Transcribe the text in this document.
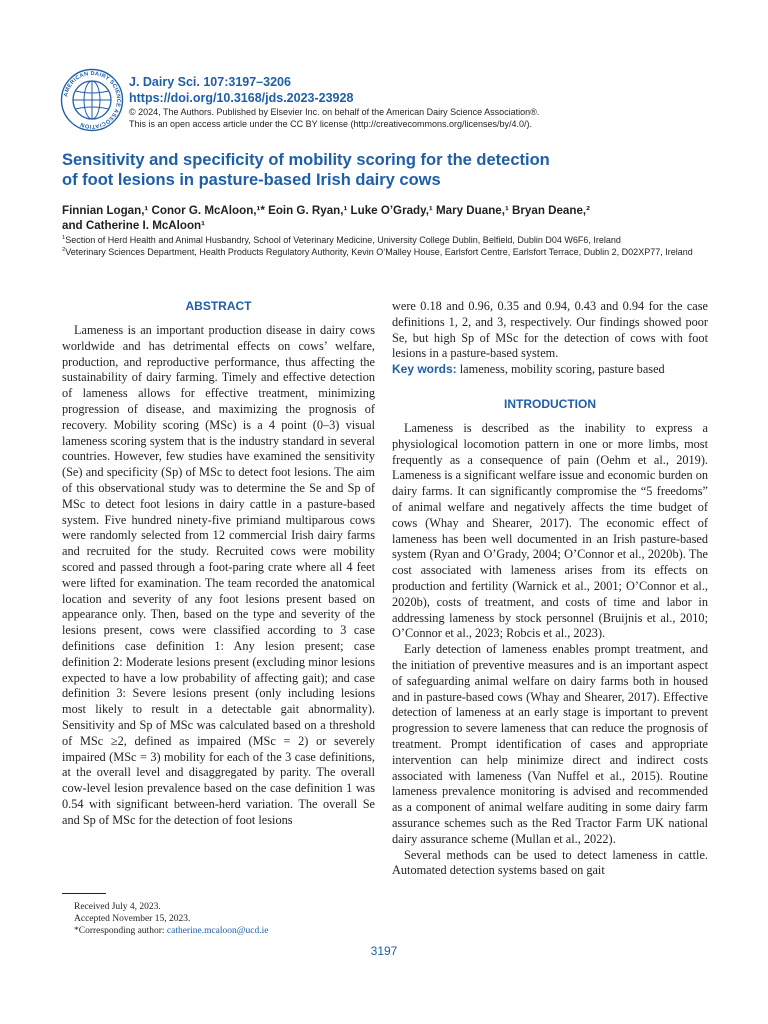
AMERICAN DAIRY SCIENCE ASSOCIATION
J. Dairy Sci. 107:3197–3206
https://doi.org/10.3168/jds.2023-23928
© 2024, The Authors. Published by Elsevier Inc. on behalf of the American Dairy Science Association®.
This is an open access article under the CC BY license (http://creativecommons.org/licenses/by/4.0/).
Sensitivity and specificity of mobility scoring for the detection
of foot lesions in pasture-based Irish dairy cows
Finnian Logan,¹ Conor G. McAloon,¹* Eoin G. Ryan,¹ Luke O’Grady,¹ Mary Duane,¹ Bryan Deane,²
and Catherine I. McAloon¹
$^1$Section of Herd Health and Animal Husbandry, School of Veterinary Medicine, University College Dublin, Belfield, Dublin D04 W6F6, Ireland
$^2$Veterinary Sciences Department, Health Products Regulatory Authority, Kevin O’Malley House, Earlsfort Centre, Earlsfort Terrace, Dublin 2, D02XP77, Ireland
ABSTRACT

Lameness is an important production disease in dairy cows worldwide and has detrimental effects on cows’ welfare, production, and reproductive performance, thus affecting the sustainability of dairy farming. Timely and effective detection of lameness allows for effective treatment, minimizing progression of disease, and maximizing the prognosis of recovery. Mobility scoring (MSc) is a 4 point (0–3) visual lameness scoring system that is the industry standard in several countries. However, few studies have examined the sensitivity (Se) and specificity (Sp) of MSc to detect foot lesions. The aim of this observational study was to determine the Se and Sp of MSc to detect foot lesions in dairy cattle in a pasture-based system. Five hundred ninety-five primiand multiparous cows were randomly selected from 12 commercial Irish dairy farms and recruited for the study. Recruited cows were mobility scored and passed through a foot-paring crate where all 4 feet were lifted for examination. The team recorded the anatomical location and severity of any foot lesions present based on appearance only. Then, based on the type and severity of the lesions present, cows were classified according to 3 case definitions case definition 1: Any lesion present; case definition 2: Moderate lesions present (excluding minor lesions expected to have a low probability of affecting gait); and case definition 3: Severe lesions present (only including lesions most likely to result in a detectable gait abnormality). Sensitivity and Sp of MSc was calculated based on a threshold of MSc ≥2, defined as impaired (MSc = 2) or severely impaired (MSc = 3) mobility for each of the 3 case definitions, at the overall level and disaggregated by parity. The overall cow-level lesion prevalence based on the case definition 1 was 0.54 with significant between-herd variation. The overall Se and Sp of MSc for the detection of foot lesions

were 0.18 and 0.96, 0.35 and 0.94, 0.43 and 0.94 for the case definitions 1, 2, and 3, respectively. Our findings showed poor Se, but high Sp of MSc for the detection of cows with foot lesions in a pasture-based system.

Key words: lameness, mobility scoring, pasture based

INTRODUCTION

Lameness is described as the inability to express a physiological locomotion pattern in one or more limbs, most frequently as a consequence of pain (Oehm et al., 2019). Lameness is a significant welfare issue and economic burden on dairy farms. It can significantly compromise the “5 freedoms” of animal welfare and negatively affects the time budget of cows (Whay and Shearer, 2017). The economic effect of lameness has been well documented in an Irish pasture-based system (Ryan and O’Grady, 2004; O’Connor et al., 2020b). The cost associated with lameness arises from its effects on production and fertility (Warnick et al., 2001; O’Connor et al., 2020b), costs of treatment, and costs of time and labor in addressing lameness by stock personnel (Bruijnis et al., 2010; O’Connor et al., 2023; Robcis et al., 2023).

Early detection of lameness enables prompt treatment, and the initiation of preventive measures and is an important aspect of safeguarding animal welfare on dairy farms both in housed and in pasture-based cows (Whay and Shearer, 2017). Effective detection of lameness at an early stage is important to prevent progression to severe lameness that can reduce the prognosis of treatment. Prompt identification of cases and appropriate intervention can help minimize direct and indirect costs associated with lameness (Van Nuffel et al., 2015). Routine lameness prevalence monitoring is advised and recommended as a component of animal welfare auditing in some dairy farm assurance schemes such as the Red Tractor Farm UK national dairy assurance scheme (Mullan et al., 2022).

Several methods can be used to detect lameness in cattle. Automated detection systems based on gait

Received July 4, 2023.
Accepted November 15, 2023.
*Corresponding author: catherine.mcaloon@ucd.ie
3197
